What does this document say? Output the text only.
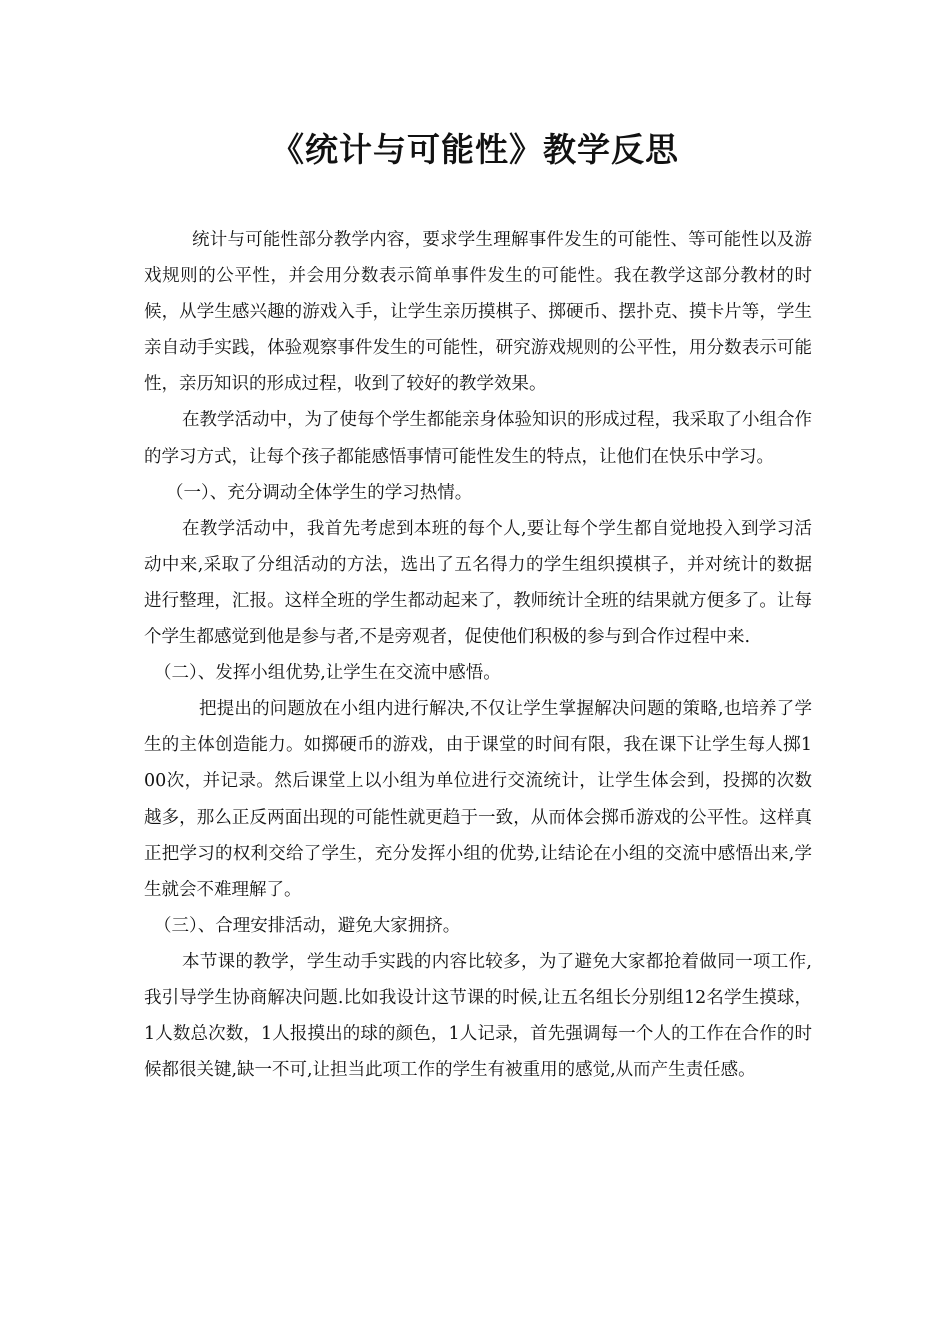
《统计与可能性》教学反思

统计与可能性部分教学内容，要求学生理解事件发生的可能性、等可能性以及游戏规则的公平性，并会用分数表示简单事件发生的可能性。我在教学这部分教材的时候，从学生感兴趣的游戏入手，让学生亲历摸棋子、掷硬币、摆扑克、摸卡片等，学生亲自动手实践，体验观察事件发生的可能性，研究游戏规则的公平性，用分数表示可能性，亲历知识的形成过程，收到了较好的教学效果。

在教学活动中，为了使每个学生都能亲身体验知识的形成过程，我采取了小组合作的学习方式，让每个孩子都能感悟事情可能性发生的特点，让他们在快乐中学习。

（一）、充分调动全体学生的学习热情。

在教学活动中，我首先考虑到本班的每个人,要让每个学生都自觉地投入到学习活动中来,采取了分组活动的方法，选出了五名得力的学生组织摸棋子，并对统计的数据进行整理，汇报。这样全班的学生都动起来了，教师统计全班的结果就方便多了。让每个学生都感觉到他是参与者,不是旁观者，促使他们积极的参与到合作过程中来.

（二）、发挥小组优势,让学生在交流中感悟。

把提出的问题放在小组内进行解决,不仅让学生掌握解决问题的策略,也培养了学生的主体创造能力。如掷硬币的游戏，由于课堂的时间有限，我在课下让学生每人掷100次，并记录。然后课堂上以小组为单位进行交流统计，让学生体会到，投掷的次数越多，那么正反两面出现的可能性就更趋于一致，从而体会掷币游戏的公平性。这样真正把学习的权利交给了学生，充分发挥小组的优势,让结论在小组的交流中感悟出来,学生就会不难理解了。

（三）、合理安排活动，避免大家拥挤。

本节课的教学，学生动手实践的内容比较多，为了避免大家都抢着做同一项工作,我引导学生协商解决问题.比如我设计这节课的时候,让五名组长分别组12名学生摸球，1人数总次数，1人报摸出的球的颜色，1人记录，首先强调每一个人的工作在合作的时候都很关键,缺一不可,让担当此项工作的学生有被重用的感觉,从而产生责任感。
